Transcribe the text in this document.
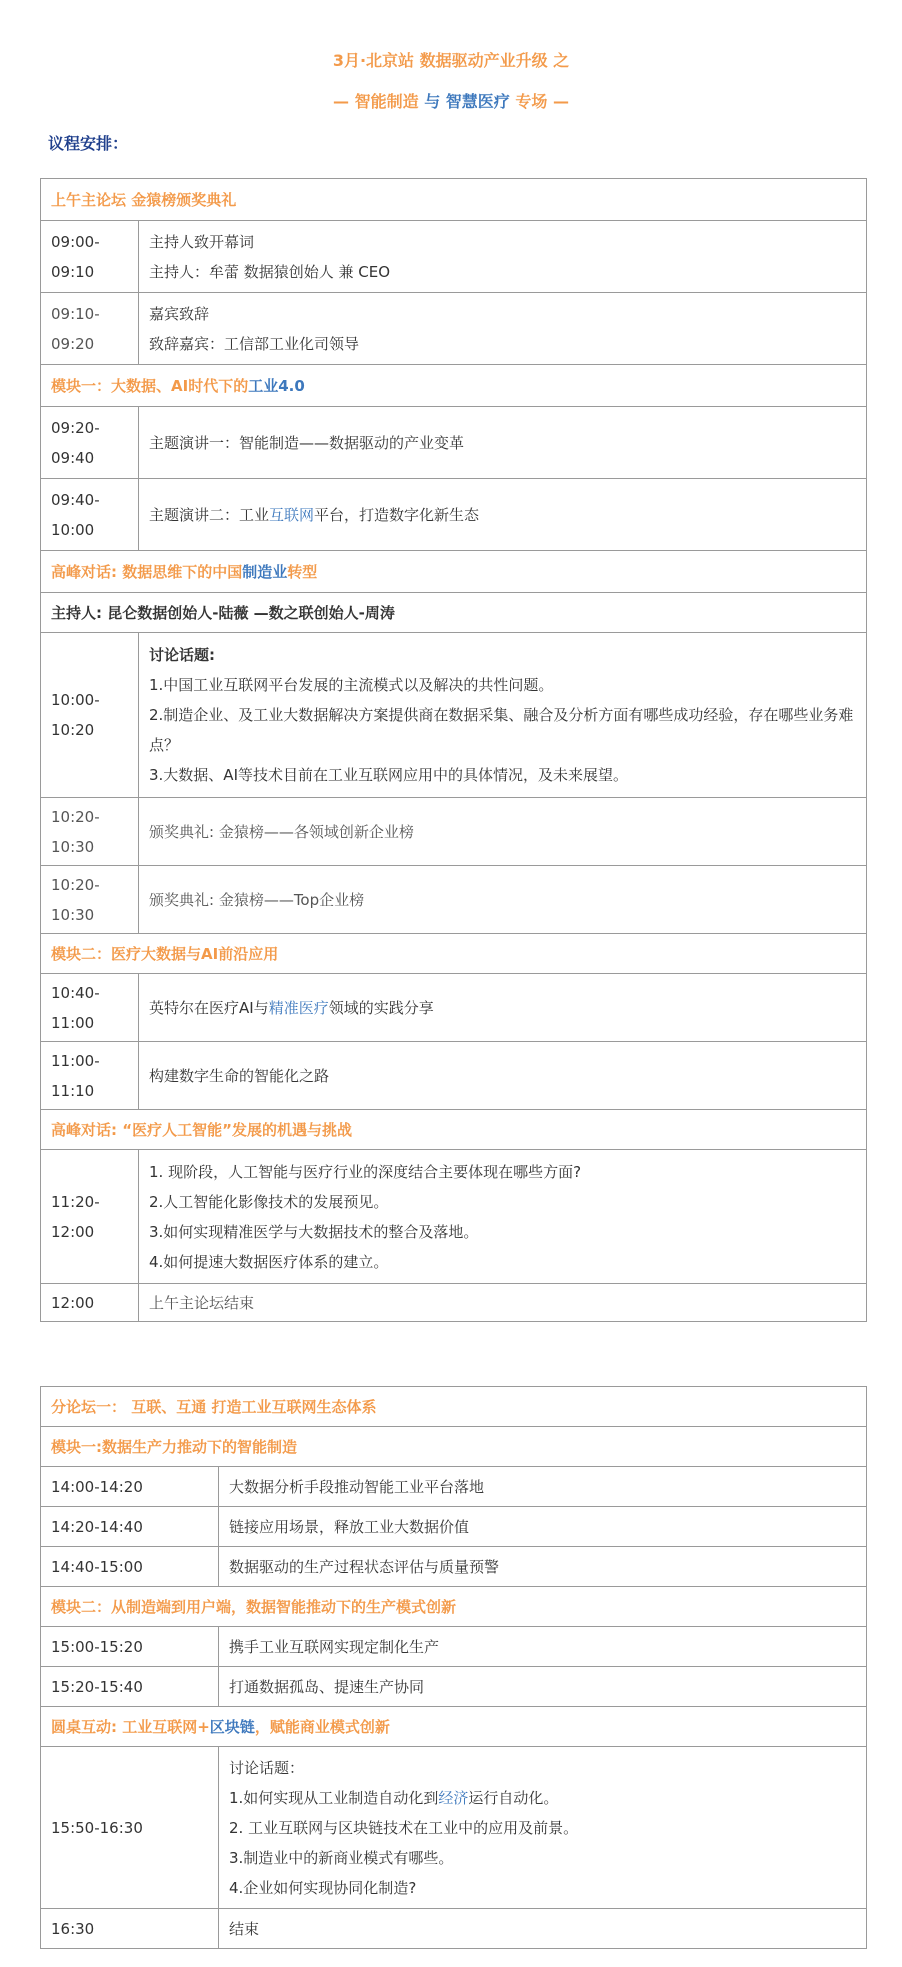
3月·北京站 数据驱动产业升级 之
— 智能制造 与 智慧医疗 专场 —
议程安排：
上午主论坛 金猿榜颁奖典礼	
09:00-09:10	主持人致开幕词
主持人：牟蕾 数据猿创始人 兼 CEO

09:10-09:20	嘉宾致辞
致辞嘉宾：工信部工业化司领导

模块一：大数据、AI时代下的工业4.0	
09:20-09:40	主题演讲一：智能制造——数据驱动的产业变革
09:40-10:00	主题演讲二：工业互联网平台，打造数字化新生态
高峰对话: 数据思维下的中国制造业转型	
主持人: 昆仑数据创始人-陆薇 —数之联创始人-周涛	
10:00-10:20	讨论话题:
1.中国工业互联网平台发展的主流模式以及解决的共性问题。
2.制造企业、及工业大数据解决方案提供商在数据采集、融合及分析方面有哪些成功经验，存在哪些业务难点？
3.大数据、AI等技术目前在工业互联网应用中的具体情况，及未来展望。

10:20-10:30	颁奖典礼: 金猿榜——各领域创新企业榜
10:20-10:30	颁奖典礼: 金猿榜——Top企业榜
模块二：医疗大数据与AI前沿应用	
10:40-11:00	英特尔在医疗AI与精准医疗领域的实践分享
11:00-11:10	构建数字生命的智能化之路
高峰对话: “医疗人工智能”发展的机遇与挑战	
11:20-12:00	1. 现阶段，人工智能与医疗行业的深度结合主要体现在哪些方面?
2.人工智能化影像技术的发展预见。
3.如何实现精准医学与大数据技术的整合及落地。
4.如何提速大数据医疗体系的建立。

12:00	上午主论坛结束
分论坛一： 互联、互通 打造工业互联网生态体系	
模块一:数据生产力推动下的智能制造	
14:00-14:20	大数据分析手段推动智能工业平台落地
14:20-14:40	链接应用场景，释放工业大数据价值
14:40-15:00	数据驱动的生产过程状态评估与质量预警
模块二：从制造端到用户端，数据智能推动下的生产模式创新	
15:00-15:20	携手工业互联网实现定制化生产
15:20-15:40	打通数据孤岛、提速生产协同
圆桌互动: 工业互联网+区块链，赋能商业模式创新	
15:50-16:30	讨论话题：
1.如何实现从工业制造自动化到经济运行自动化。
2. 工业互联网与区块链技术在工业中的应用及前景。
3.制造业中的新商业模式有哪些。
4.企业如何实现协同化制造?

16:30	结束
